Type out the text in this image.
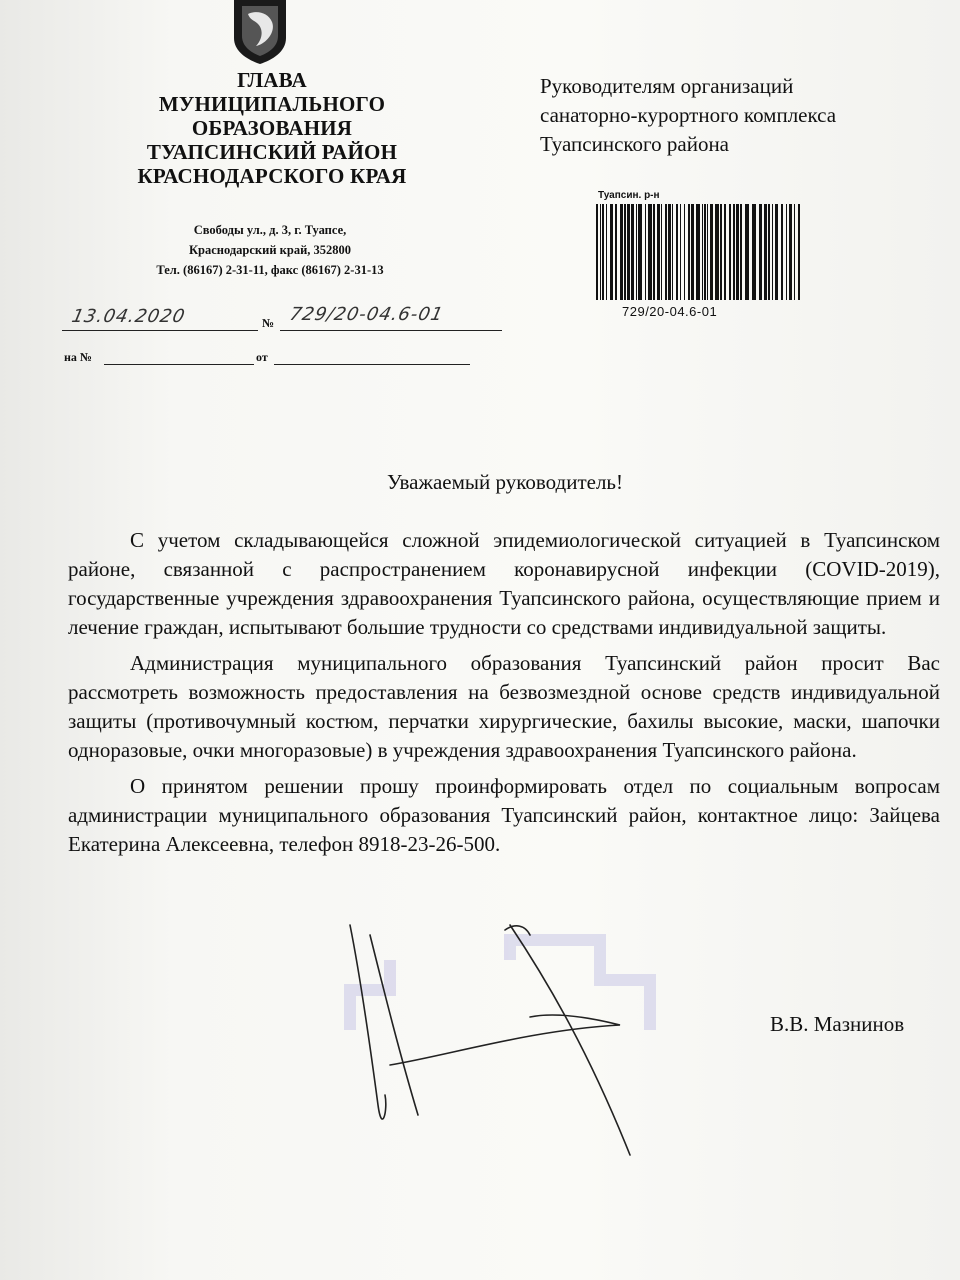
ГЛАВА
МУНИЦИПАЛЬНОГО
ОБРАЗОВАНИЯ
ТУАПСИНСКИЙ РАЙОН
КРАСНОДАРСКОГО КРАЯ
Свободы ул., д. 3, г. Туапсе,
Краснодарский край, 352800
Тел. (86167) 2-31-11, факс (86167) 2-31-13
Руководителям организаций
санаторно-курортного комплекса
Туапсинского района
Туапсин. р-н
729/20-04.6-01
13.04.2020	№ 729/20-04.6-01
на №	от
Уважаемый руководитель!

С учетом складывающейся сложной эпидемиологической ситуацией в Туапсинском районе, связанной с распространением коронавирусной инфекции (COVID-2019), государственные учреждения здравоохранения Туапсинского района, осуществляющие прием и лечение граждан, испытывают большие трудности со средствами индивидуальной защиты.

Администрация муниципального образования Туапсинский район просит Вас рассмотреть возможность предоставления на безвозмездной основе средств индивидуальной защиты (противочумный костюм, перчатки хирургические, бахилы высокие, маски, шапочки одноразовые, очки многоразовые) в учреждения здравоохранения Туапсинского района.

О принятом решении прошу проинформировать отдел по социальным вопросам администрации муниципального образования Туапсинский район, контактное лицо: Зайцева Екатерина Алексеевна, телефон 8918-23-26-500.

В.В. Мазнинов
